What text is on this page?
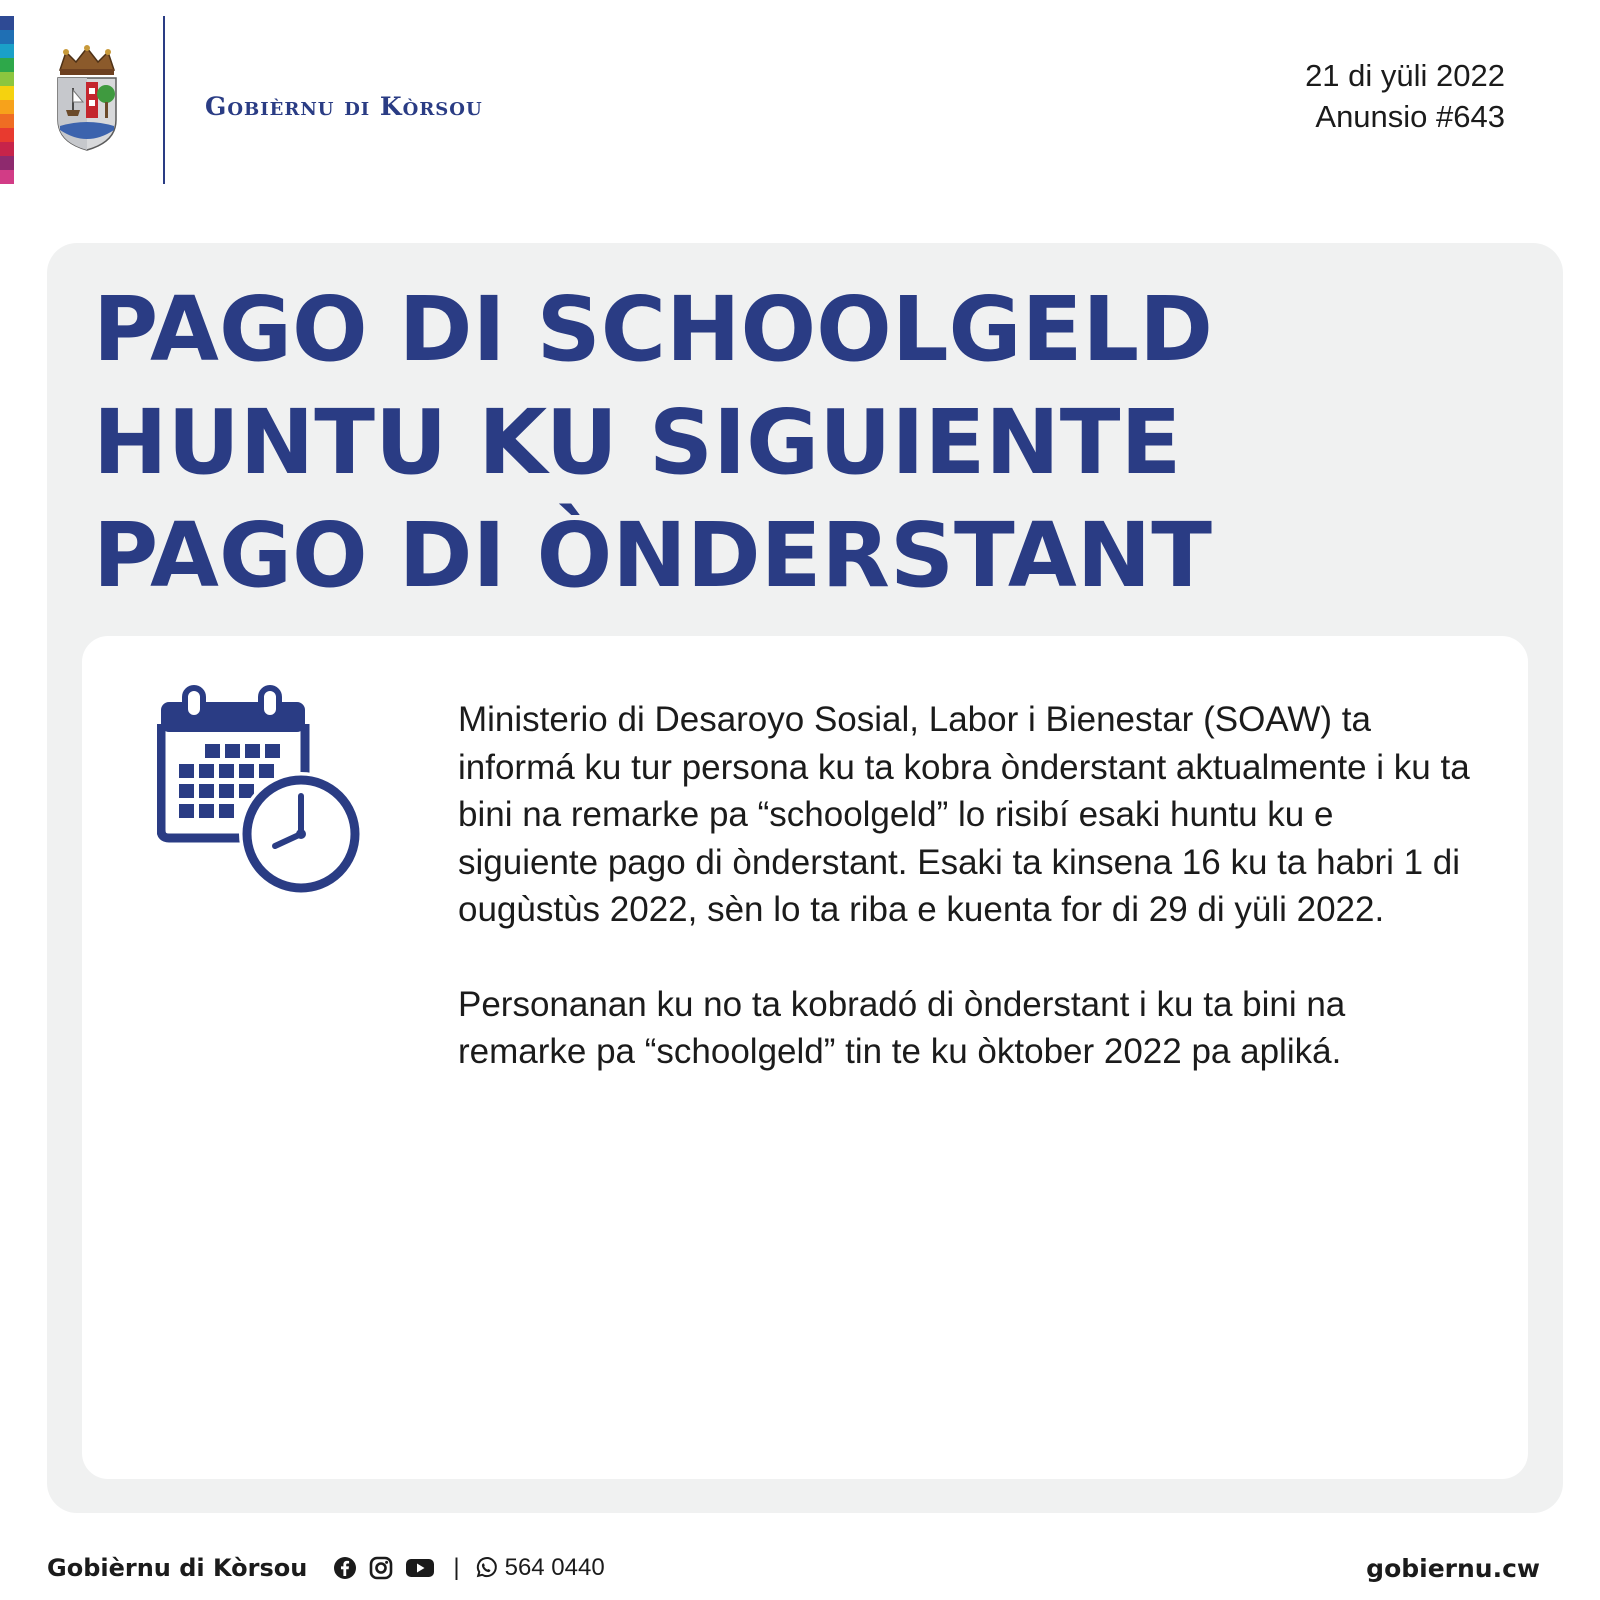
Gobièrnu di Kòrsou
21 di yüli 2022
Anunsio #643
PAGO DI SCHOOLGELD
HUNTU KU SIGUIENTE
PAGO DI ÒNDERSTANT

Ministerio di Desaroyo Sosial, Labor i Bienestar (SOAW) ta informá ku tur persona ku ta kobra ònderstant aktualmente i ku ta bini na remarke pa “schoolgeld” lo risibí esaki huntu ku e siguiente pago di ònderstant. Esaki ta kinsena 16 ku ta habri 1 di ougùstùs 2022, sèn lo ta riba e kuenta for di 29 di yüli 2022.

Personanan ku no ta kobradó di ònderstant i ku ta bini na remarke pa “schoolgeld” tin te ku òktober 2022 pa apliká.

Gobièrnu di Kòrsou	| 564 0440	gobiernu.cw
